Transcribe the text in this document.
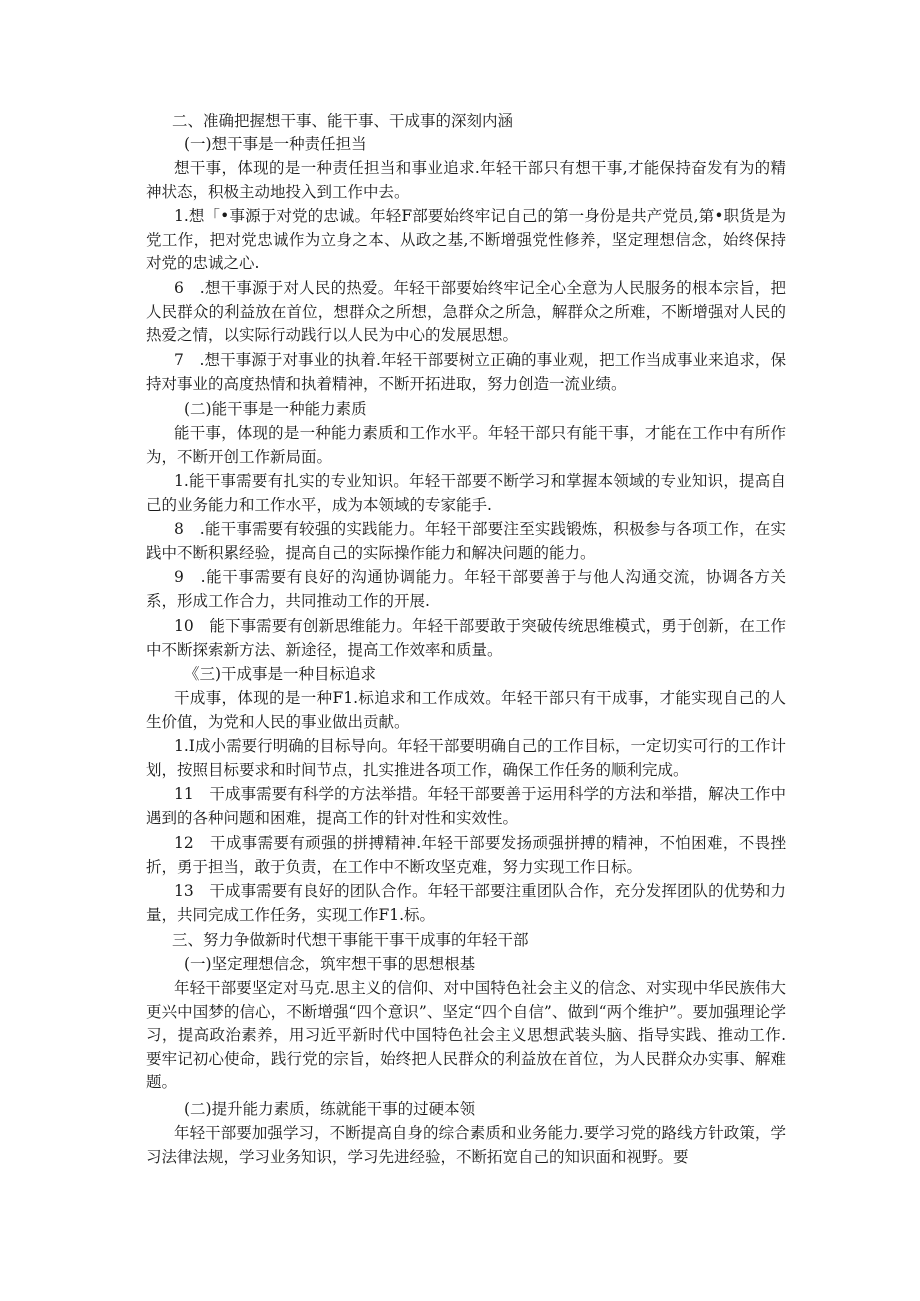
二、准确把握想干事、能干事、干成事的深刻内涵

(一)想干事是一种责任担当

想干事，体现的是一种责任担当和事业追求.年轻干部只有想干事,才能保持奋发有为的精神状态，积极主动地投入到工作中去。

1.想「•事源于对党的忠诚。年轻F部要始终牢记自己的第一身份是共产党员,第•职货是为党工作，把对党忠诚作为立身之本、从政之基,不断增强党性修养，坚定理想信念，始终保持对党的忠诚之心.

6　.想干事源于对人民的热爱。年轻干部要始终牢记全心全意为人民服务的根本宗旨，把人民群众的利益放在首位，想群众之所想，急群众之所急，解群众之所难，不断增强对人民的热爱之情，以实际行动践行以人民为中心的发展思想。

7　.想干事源于对事业的执着.年轻干部要树立正确的事业观，把工作当成事业来追求，保持对事业的高度热情和执着精神，不断开拓进取，努力创造一流业绩。

(二)能干事是一种能力素质

能干事，体现的是一种能力素质和工作水平。年轻干部只有能干事，才能在工作中有所作为，不断开创工作新局面。

1.能干事需要有扎实的专业知识。年轻干部要不断学习和掌握本领域的专业知识，提高自己的业务能力和工作水平，成为本领域的专家能手.

8　.能干事需要有较强的实践能力。年轻干部要注至实践锻炼，积极参与各项工作，在实践中不断积累经验，提高自己的实际操作能力和解决问题的能力。

9　.能干事需要有良好的沟通协调能力。年轻干部要善于与他人沟通交流，协调各方关系，形成工作合力，共同推动工作的开展.

10　能下事需要有创新思维能力。年轻干部要敢于突破传统思维模式，勇于创新，在工作中不断探索新方法、新途径，提高工作效率和质量。

《三)干成事是一种目标追求

干成事，体现的是一种F1.标追求和工作成效。年轻干部只有干成事，才能实现自己的人生价值，为党和人民的事业做出贡献。

1.I成小需要行明确的目标导向。年轻干部要明确自己的工作目标，一定切实可行的工作计划，按照目标要求和时间节点，扎实推进各项工作，确保工作任务的顺利完成。

11　干成事需要有科学的方法举措。年轻干部要善于运用科学的方法和举措，解决工作中遇到的各种问题和困难，提高工作的针对性和实效性。

12　干成事需要有顽强的拼搏精神.年轻干部要发扬顽强拼搏的精神，不怕困难，不畏挫折，勇于担当，敢于负责，在工作中不断攻坚克难，努力实现工作日标。

13　干成事需要有良好的团队合作。年轻干部要注重团队合作，充分发挥团队的优势和力量，共同完成工作任务，实现工作F1.标。

三、努力争做新时代想干事能干事干成事的年轻干部

(一)坚定理想信念，筑牢想干事的思想根基

年轻干部要坚定对马克.思主义的信仰、对中国特色社会主义的信念、对实现中华民族伟大更兴中国梦的信心，不断增强“四个意识”、坚定“四个自信”、做到“两个维护”。要加强理论学习，提高政治素养，用习近平新时代中国特色社会主义思想武装头脑、指导实践、推动工作.要牢记初心使命，践行党的宗旨，始终把人民群众的利益放在首位，为人民群众办实事、解难题。

(二)提升能力素质，练就能干事的过硬本领

年轻干部要加强学习，不断提高自身的综合素质和业务能力.要学习党的路线方针政策，学习法律法规，学习业务知识，学习先进经验，不断拓宽自己的知识面和视野。要
